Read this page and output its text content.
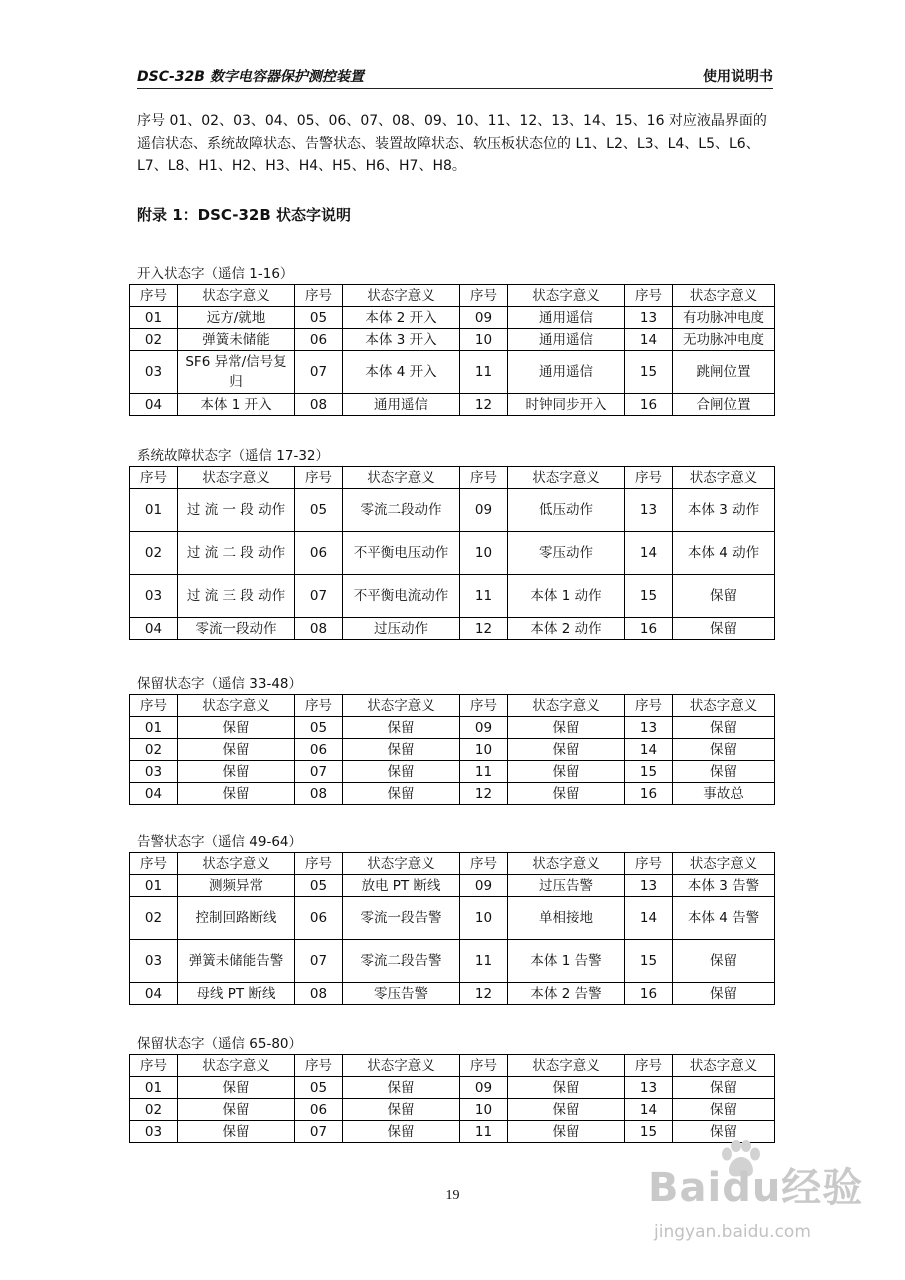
DSC-32B 数字电容器保护测控装置	使用说明书

序号 01、02、03、04、05、06、07、08、09、10、11、12、13、14、15、16 对应液晶界面的遥信状态、系统故障状态、告警状态、装置故障状态、软压板状态位的 L1、L2、L3、L4、L5、L6、L7、L8、H1、H2、H3、H4、H5、H6、H7、H8。

附录 1：DSC-32B 状态字说明

开入状态字（遥信 1-16）

序号	状态字意义	序号	状态字意义	序号	状态字意义	序号	状态字意义
01	远方/就地	05	本体 2 开入	09	通用遥信	13	有功脉冲电度
02	弹簧未储能	06	本体 3 开入	10	通用遥信	14	无功脉冲电度
03	SF6 异常/信号复归	07	本体 4 开入	11	通用遥信	15	跳闸位置
04	本体 1 开入	08	通用遥信	12	时钟同步开入	16	合闸位置

系统故障状态字（遥信 17-32）

序号	状态字意义	序号	状态字意义	序号	状态字意义	序号	状态字意义
01	过 流 一 段 动作	05	零流二段动作	09	低压动作	13	本体 3 动作
02	过 流 二 段 动作	06	不平衡电压动作	10	零压动作	14	本体 4 动作
03	过 流 三 段 动作	07	不平衡电流动作	11	本体 1 动作	15	保留
04	零流一段动作	08	过压动作	12	本体 2 动作	16	保留

保留状态字（遥信 33-48）

序号	状态字意义	序号	状态字意义	序号	状态字意义	序号	状态字意义
01	保留	05	保留	09	保留	13	保留
02	保留	06	保留	10	保留	14	保留
03	保留	07	保留	11	保留	15	保留
04	保留	08	保留	12	保留	16	事故总

告警状态字（遥信 49-64）

序号	状态字意义	序号	状态字意义	序号	状态字意义	序号	状态字意义
01	测频异常	05	放电 PT 断线	09	过压告警	13	本体 3 告警
02	控制回路断线	06	零流一段告警	10	单相接地	14	本体 4 告警
03	弹簧未储能告警	07	零流二段告警	11	本体 1 告警	15	保留
04	母线 PT 断线	08	零压告警	12	本体 2 告警	16	保留

保留状态字（遥信 65-80）

序号	状态字意义	序号	状态字意义	序号	状态字意义	序号	状态字意义
01	保留	05	保留	09	保留	13	保留
02	保留	06	保留	10	保留	14	保留
03	保留	07	保留	11	保留	15	保留
19	Baidu经验
jingyan.baidu.com
